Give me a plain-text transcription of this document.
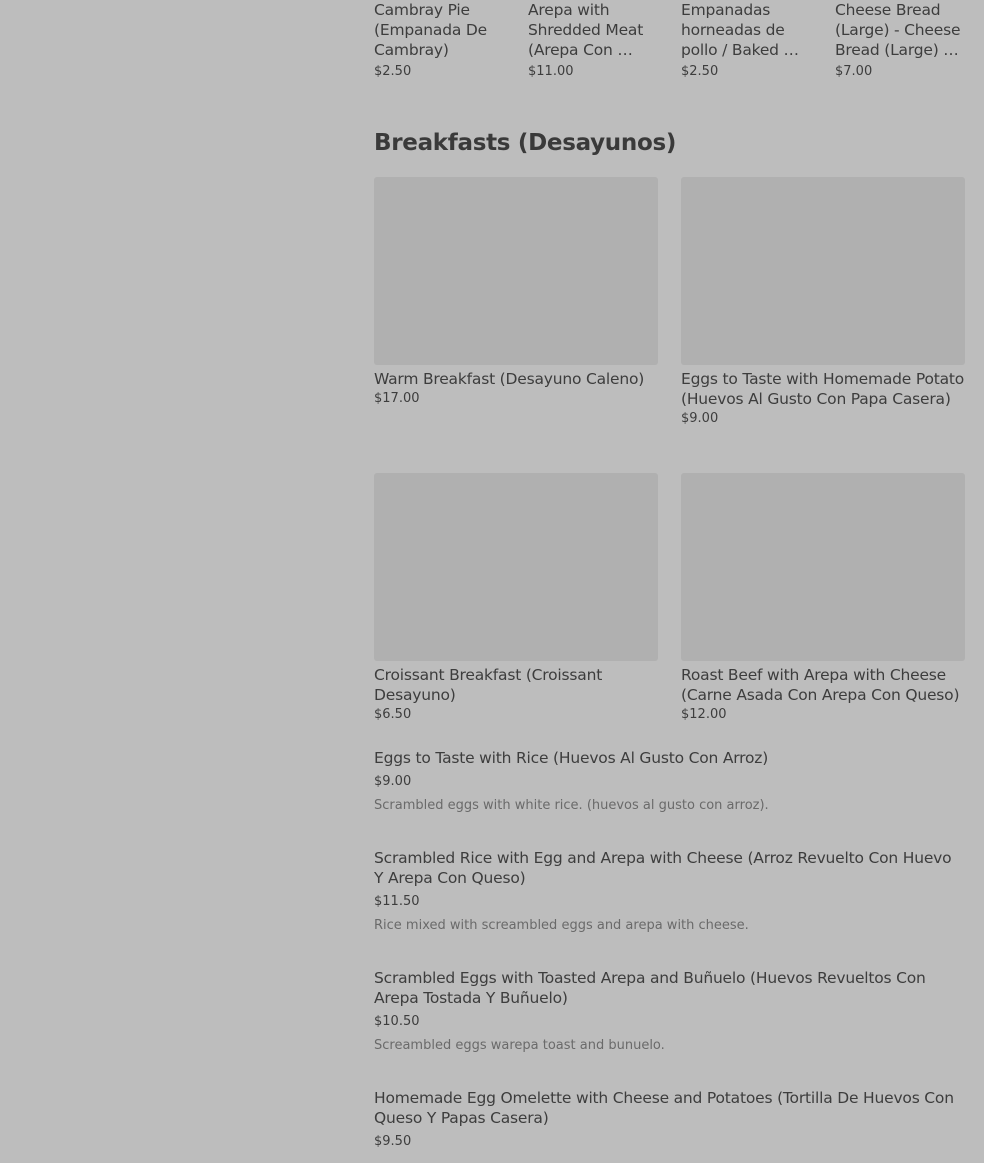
Cambray Pie
(Empanada De
Cambray)
$2.50
Arepa with
Shredded Meat
(Arepa Con …
$11.00
Empanadas
horneadas de
pollo / Baked …
$2.50
Cheese Bread
(Large) - Cheese
Bread (Large) …
$7.00
Breakfasts (Desayunos)
Warm Breakfast (Desayuno Caleno)
$17.00
Eggs to Taste with Homemade Potato (Huevos Al Gusto Con Papa Casera)
$9.00
Croissant Breakfast (Croissant Desayuno)
$6.50
Roast Beef with Arepa with Cheese (Carne Asada Con Arepa Con Queso)
$12.00
Eggs to Taste with Rice (Huevos Al Gusto Con Arroz)
$9.00
Scrambled eggs with white rice. (huevos al gusto con arroz).
Scrambled Rice with Egg and Arepa with Cheese (Arroz Revuelto Con Huevo Y Arepa Con Queso)
$11.50
Rice mixed with screambled eggs and arepa with cheese.
Scrambled Eggs with Toasted Arepa and Buñuelo (Huevos Revueltos Con Arepa Tostada Y Buñuelo)
$10.50
Screambled eggs warepa toast and bunuelo.
Homemade Egg Omelette with Cheese and Potatoes (Tortilla De Huevos Con Queso Y Papas Casera)
$9.50
